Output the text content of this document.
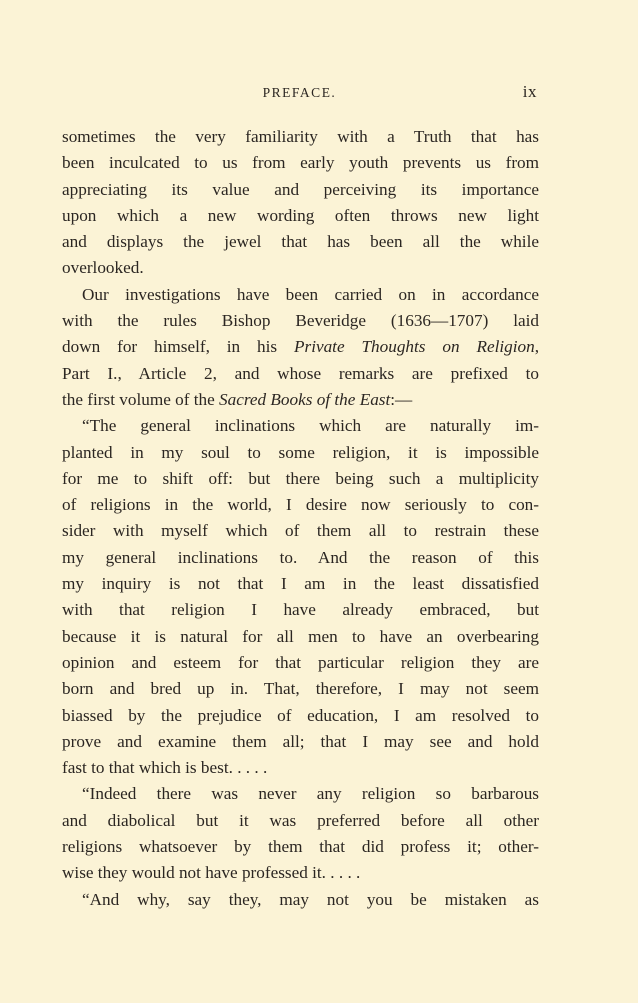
PREFACE.	ix
sometimes the very familiarity with a Truth that has
been inculcated to us from early youth prevents us from
appreciating its value and perceiving its importance
upon which a new wording often throws new light
and displays the jewel that has been all the while
overlooked.
Our investigations have been carried on in accordance
with the rules Bishop Beveridge (1636—1707) laid
down for himself, in his Private Thoughts on Religion,
Part I., Article 2, and whose remarks are prefixed to
the first volume of the Sacred Books of the East:—
“The general inclinations which are naturally im-
planted in my soul to some religion, it is impossible
for me to shift off: but there being such a multiplicity
of religions in the world, I desire now seriously to con-
sider with myself which of them all to restrain these
my general inclinations to. And the reason of this
my inquiry is not that I am in the least dissatisfied
with that religion I have already embraced, but
because it is natural for all men to have an overbearing
opinion and esteem for that particular religion they are
born and bred up in. That, therefore, I may not seem
biassed by the prejudice of education, I am resolved to
prove and examine them all; that I may see and hold
fast to that which is best. . . . .
“Indeed there was never any religion so barbarous
and diabolical but it was preferred before all other
religions whatsoever by them that did profess it; other-
wise they would not have professed it. . . . .
“And why, say they, may not you be mistaken as
